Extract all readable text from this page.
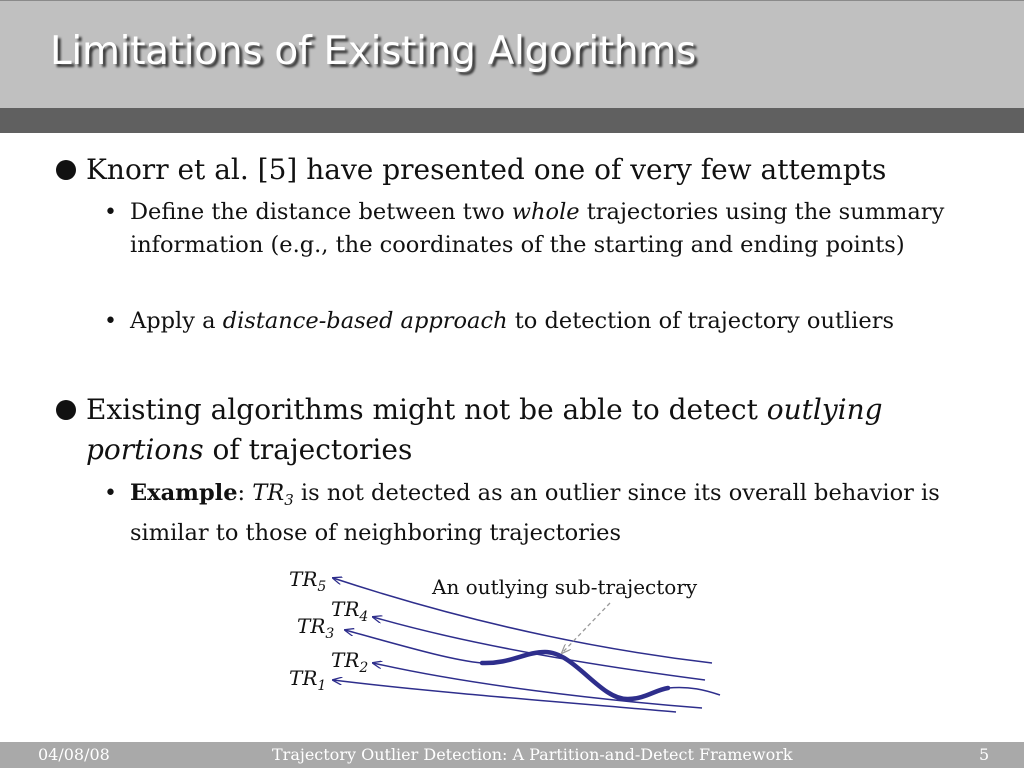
Limitations of Existing Algorithms
Knorr et al. [5] have presented one of very few attempts
• Define the distance between two whole trajectories using the summary information (e.g., the coordinates of the starting and ending points)
• Apply a distance-based approach to detection of trajectory outliers
Existing algorithms might not be able to detect outlying portions of trajectories
• Example: $TR_3$ is not detected as an outlier since its overall behavior is similar to those of neighboring trajectories
An outlying sub-trajectory
$TR_5$
$TR_4$
$TR_3$
$TR_2$
$TR_1$
04/08/08	Trajectory Outlier Detection: A Partition-and-Detect Framework	5
